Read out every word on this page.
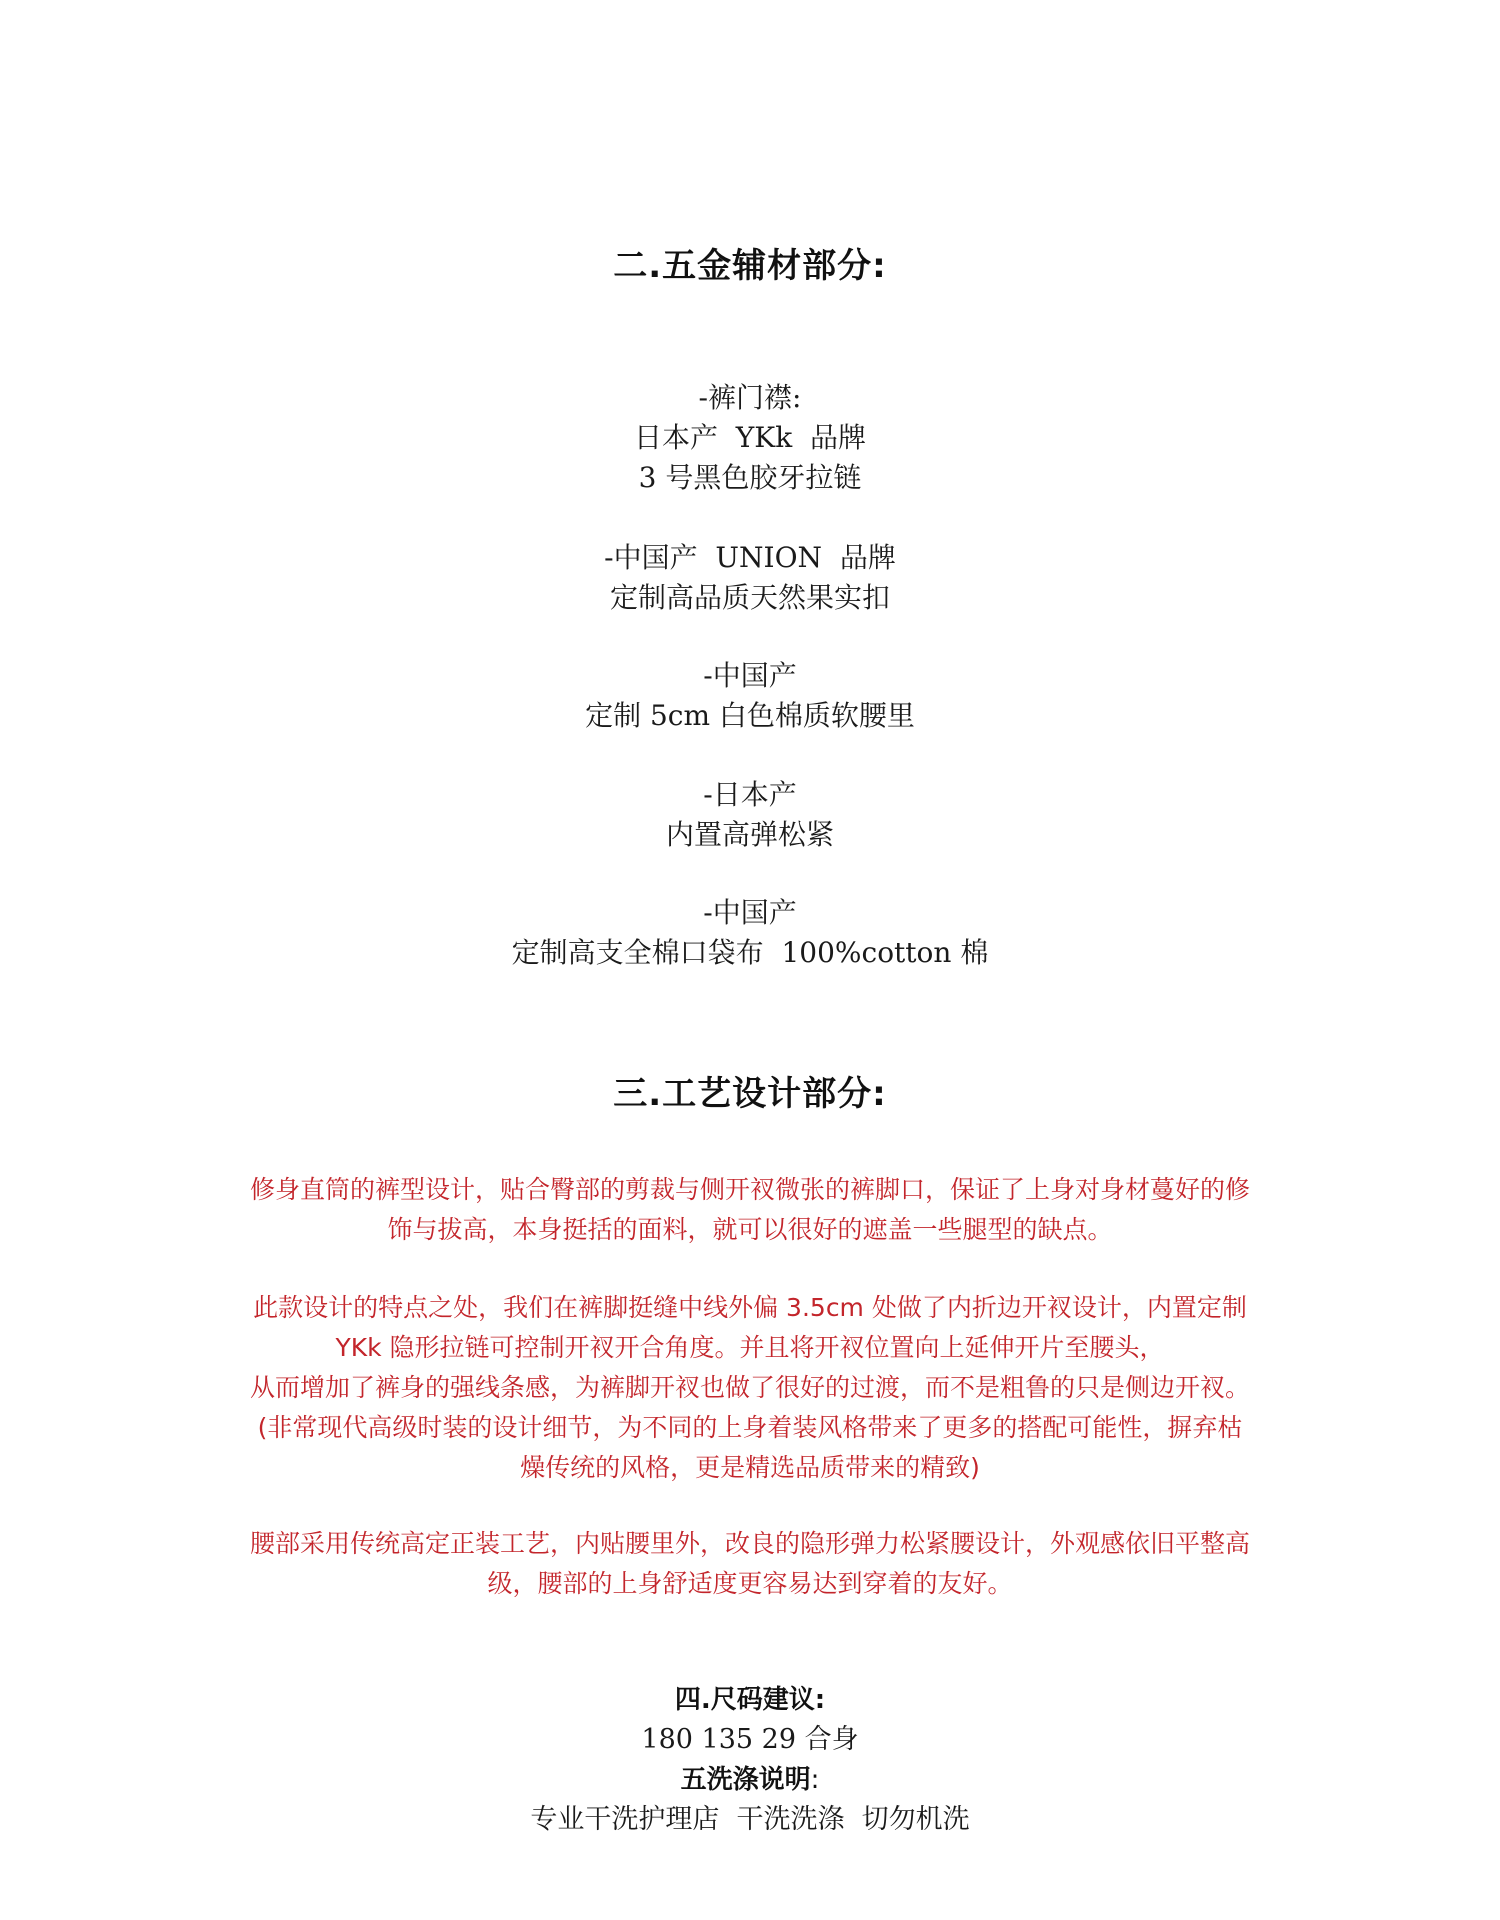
二.五金辅材部分:
-裤门襟:
日本产  YKk  品牌
3 号黑色胶牙拉链
-中国产  UNION  品牌
定制高品质天然果实扣
-中国产
定制 5cm 白色棉质软腰里
-日本产
内置高弹松紧
-中国产
定制高支全棉口袋布  100%cotton 棉
三.工艺设计部分:
修身直筒的裤型设计，贴合臀部的剪裁与侧开衩微张的裤脚口，保证了上身对身材蔓好的修
饰与拔高，本身挺括的面料，就可以很好的遮盖一些腿型的缺点。
此款设计的特点之处，我们在裤脚挺缝中线外偏 3.5cm 处做了内折边开衩设计，内置定制
YKk 隐形拉链可控制开衩开合角度。并且将开衩位置向上延伸开片至腰头，
从而增加了裤身的强线条感，为裤脚开衩也做了很好的过渡，而不是粗鲁的只是侧边开衩。
(非常现代高级时装的设计细节，为不同的上身着装风格带来了更多的搭配可能性，摒弃枯
燥传统的风格，更是精选品质带来的精致)
腰部采用传统高定正装工艺，内贴腰里外，改良的隐形弹力松紧腰设计，外观感依旧平整高
级，腰部的上身舒适度更容易达到穿着的友好。
四.尺码建议:
180 135 29 合身
五洗涤说明:
专业干洗护理店  干洗洗涤  切勿机洗
